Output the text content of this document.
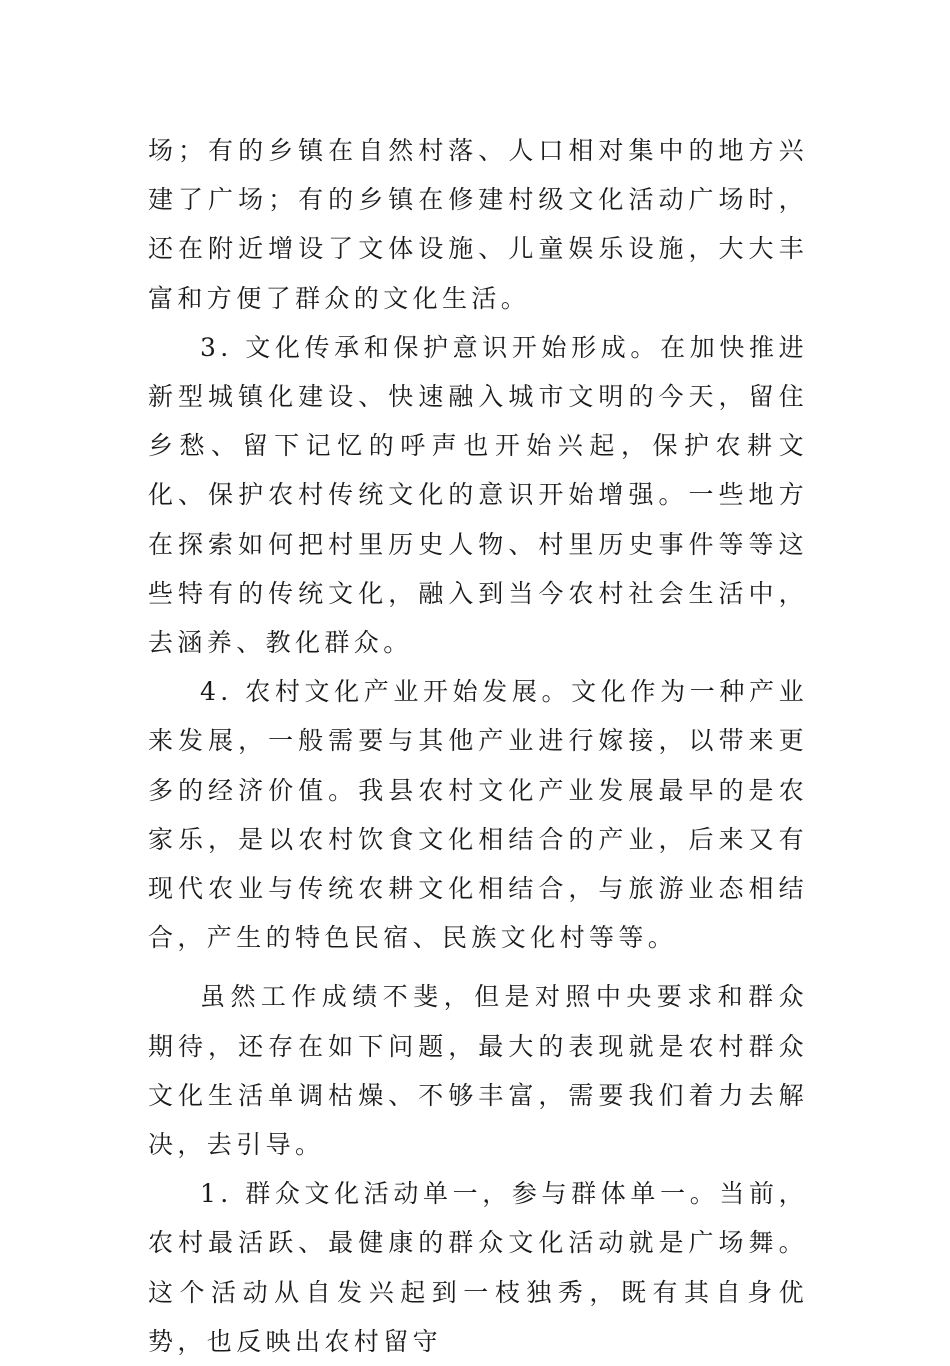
场；有的乡镇在自然村落、人口相对集中的地方兴建了广场；有的乡镇在修建村级文化活动广场时，还在附近增设了文体设施、儿童娱乐设施，大大丰富和方便了群众的文化生活。

3. 文化传承和保护意识开始形成。在加快推进新型城镇化建设、快速融入城市文明的今天，留住乡愁、留下记忆的呼声也开始兴起，保护农耕文化、保护农村传统文化的意识开始增强。一些地方在探索如何把村里历史人物、村里历史事件等等这些特有的传统文化，融入到当今农村社会生活中，去涵养、教化群众。

4. 农村文化产业开始发展。文化作为一种产业来发展，一般需要与其他产业进行嫁接，以带来更多的经济价值。我县农村文化产业发展最早的是农家乐，是以农村饮食文化相结合的产业，后来又有现代农业与传统农耕文化相结合，与旅游业态相结合，产生的特色民宿、民族文化村等等。

虽然工作成绩不斐，但是对照中央要求和群众期待，还存在如下问题，最大的表现就是农村群众文化生活单调枯燥、不够丰富，需要我们着力去解决，去引导。

1. 群众文化活动单一，参与群体单一。当前，农村最活跃、最健康的群众文化活动就是广场舞。这个活动从自发兴起到一枝独秀，既有其自身优势，也反映出农村留守
